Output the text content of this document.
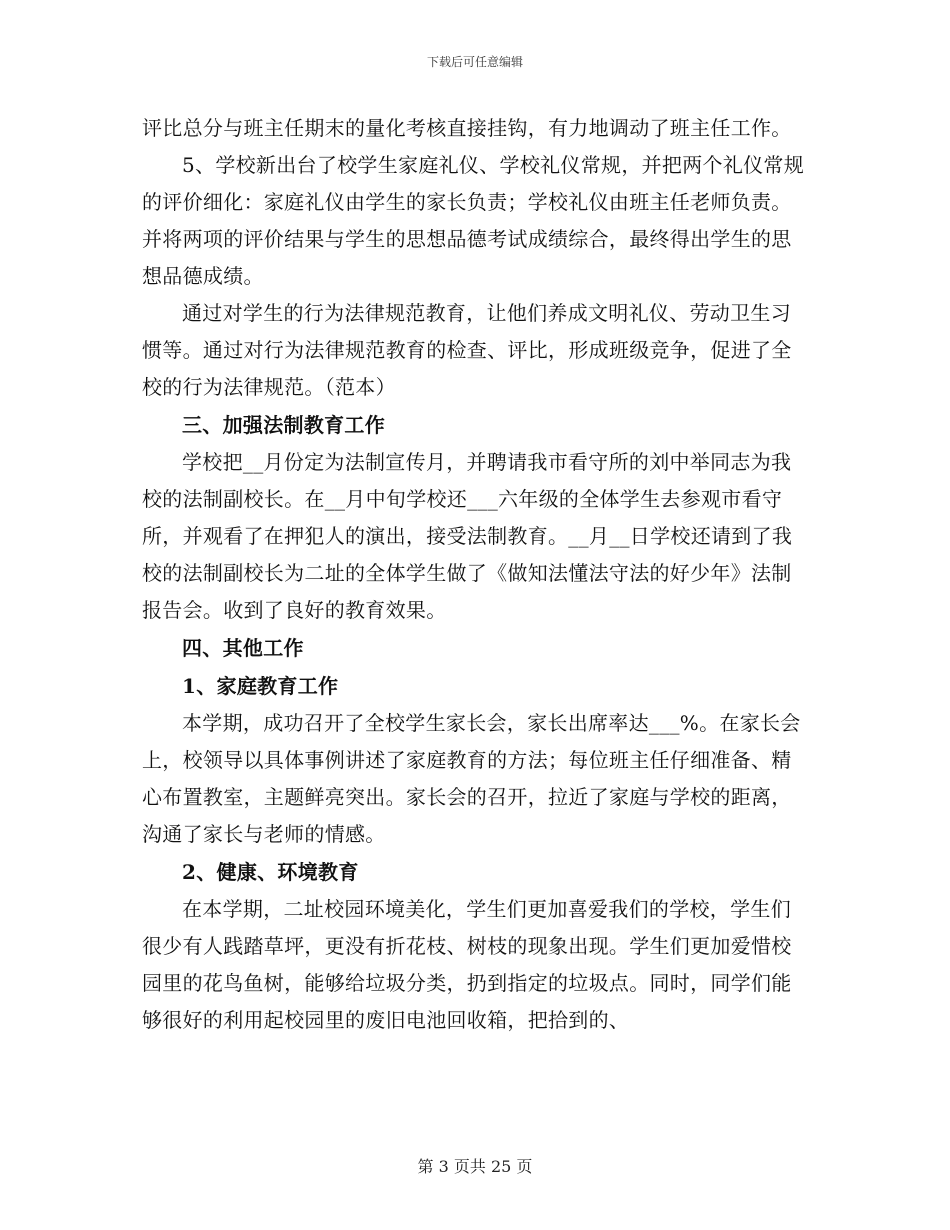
下载后可任意编辑

评比总分与班主任期末的量化考核直接挂钩，有力地调动了班主任工作。

5、学校新出台了校学生家庭礼仪、学校礼仪常规，并把两个礼仪常规的评价细化：家庭礼仪由学生的家长负责；学校礼仪由班主任老师负责。并将两项的评价结果与学生的思想品德考试成绩综合，最终得出学生的思想品德成绩。

通过对学生的行为法律规范教育，让他们养成文明礼仪、劳动卫生习惯等。通过对行为法律规范教育的检查、评比，形成班级竞争，促进了全校的行为法律规范。（范本）

三、加强法制教育工作

学校把__月份定为法制宣传月，并聘请我市看守所的刘中举同志为我校的法制副校长。在__月中旬学校还___六年级的全体学生去参观市看守所，并观看了在押犯人的演出，接受法制教育。__月__日学校还请到了我校的法制副校长为二址的全体学生做了《做知法懂法守法的好少年》法制报告会。收到了良好的教育效果。

四、其他工作

1、家庭教育工作

本学期，成功召开了全校学生家长会，家长出席率达___%。在家长会上，校领导以具体事例讲述了家庭教育的方法；每位班主任仔细准备、精心布置教室，主题鲜亮突出。家长会的召开，拉近了家庭与学校的距离，沟通了家长与老师的情感。

2、健康、环境教育

在本学期，二址校园环境美化，学生们更加喜爱我们的学校，学生们很少有人践踏草坪，更没有折花枝、树枝的现象出现。学生们更加爱惜校园里的花鸟鱼树，能够给垃圾分类，扔到指定的垃圾点。同时，同学们能够很好的利用起校园里的废旧电池回收箱，把拾到的、

第 3 页共 25 页
